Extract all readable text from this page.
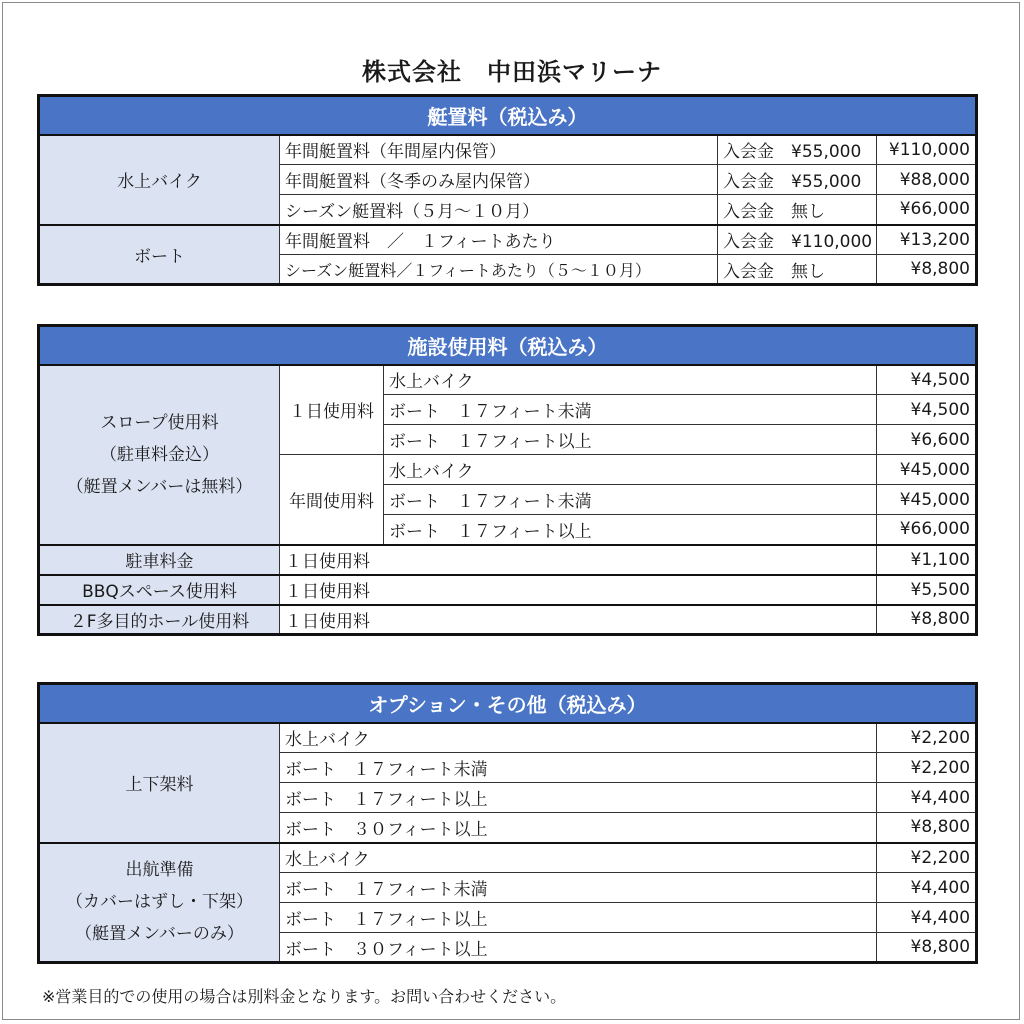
株式会社　中田浜マリーナ
艇置料（税込み）			
水上バイク	年間艇置料（年間屋内保管）	入会金　¥55,000	¥110,000
	年間艇置料（冬季のみ屋内保管）	入会金　¥55,000	¥88,000
	シーズン艇置料（５月～１０月）	入会金　無し	¥66,000
ボート	年間艇置料　／　１フィートあたり	入会金　¥110,000	¥13,200
	シーズン艇置料／１フィートあたり（５～１０月）	入会金　無し	¥8,800
施設使用料（税込み）			

スロープ使用料
（駐車料金込）
（艇置メンバーは無料）	１日使用料	水上バイク	¥4,500
		ボート　１７フィート未満	¥4,500
		ボート　１７フィート以上	¥6,600
	年間使用料	水上バイク	¥45,000
		ボート　１７フィート未満	¥45,000
		ボート　１７フィート以上	¥66,000
駐車料金	１日使用料		¥1,100
BBQスペース使用料	１日使用料		¥5,500
２F多目的ホール使用料	１日使用料		¥8,800
オプション・その他（税込み）		
上下架料	水上バイク	¥2,200
	ボート　１７フィート未満	¥2,200
	ボート　１７フィート以上	¥4,400
	ボート　３０フィート以上	¥8,800

出航準備
（カバーはずし・下架）
（艇置メンバーのみ）	水上バイク	¥2,200
	ボート　１７フィート未満	¥4,400
	ボート　１７フィート以上	¥4,400
	ボート　３０フィート以上	¥8,800
※営業目的での使用の場合は別料金となります。お問い合わせください。
